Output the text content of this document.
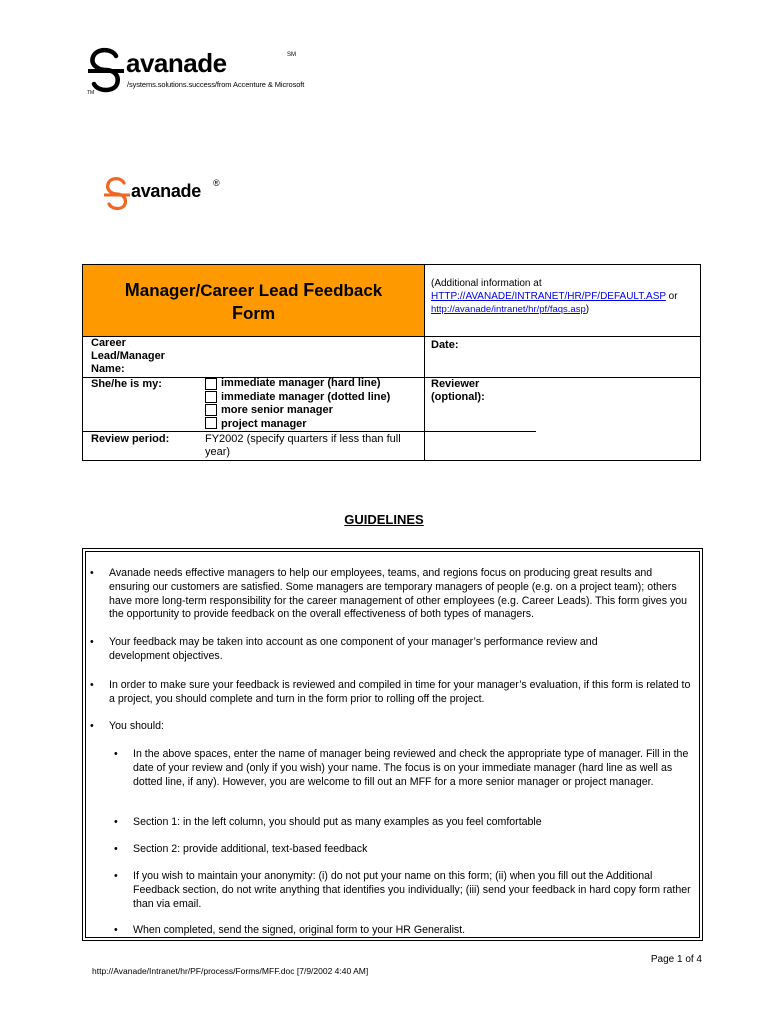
avanade	SM
/systems.solutions.success/from Accenture & Microsoft
TM
avanade ®
Manager/Career Lead Feedback Form
(Additional information at
HTTP://AVANADE/INTRANET/HR/PF/DEFAULT.ASP or
http://avanade/intranet/hr/pf/faqs.asp)
Career Lead/Manager Name:
Date:
She/he is my:	immediate manager (hard line)
immediate manager (dotted line)
more senior manager
project manager
Reviewer (optional):
Review period:	FY2002 (specify quarters if less than full year)
GUIDELINES
• Avanade needs effective managers to help our employees, teams, and regions focus on producing great results and ensuring our customers are satisfied. Some managers are temporary managers of people (e.g. on a project team); others have more long-term responsibility for the career management of other employees (e.g. Career Leads). This form gives you the opportunity to provide feedback on the overall effectiveness of both types of managers.
• Your feedback may be taken into account as one component of your manager’s performance review and development objectives.
• In order to make sure your feedback is reviewed and compiled in time for your manager’s evaluation, if this form is related to a project, you should complete and turn in the form prior to rolling off the project.
• You should:
• In the above spaces, enter the name of manager being reviewed and check the appropriate type of manager. Fill in the date of your review and (only if you wish) your name. The focus is on your immediate manager (hard line as well as dotted line, if any). However, you are welcome to fill out an MFF for a more senior manager or project manager.
• Section 1: in the left column, you should put as many examples as you feel comfortable
• Section 2: provide additional, text-based feedback
• If you wish to maintain your anonymity: (i) do not put your name on this form; (ii) when you fill out the Additional Feedback section, do not write anything that identifies you individually; (iii) send your feedback in hard copy form rather than via email.
• When completed, send the signed, original form to your HR Generalist.
Page 1 of 4
http://Avanade/Intranet/hr/PF/process/Forms/MFF.doc [7/9/2002 4:40 AM]
